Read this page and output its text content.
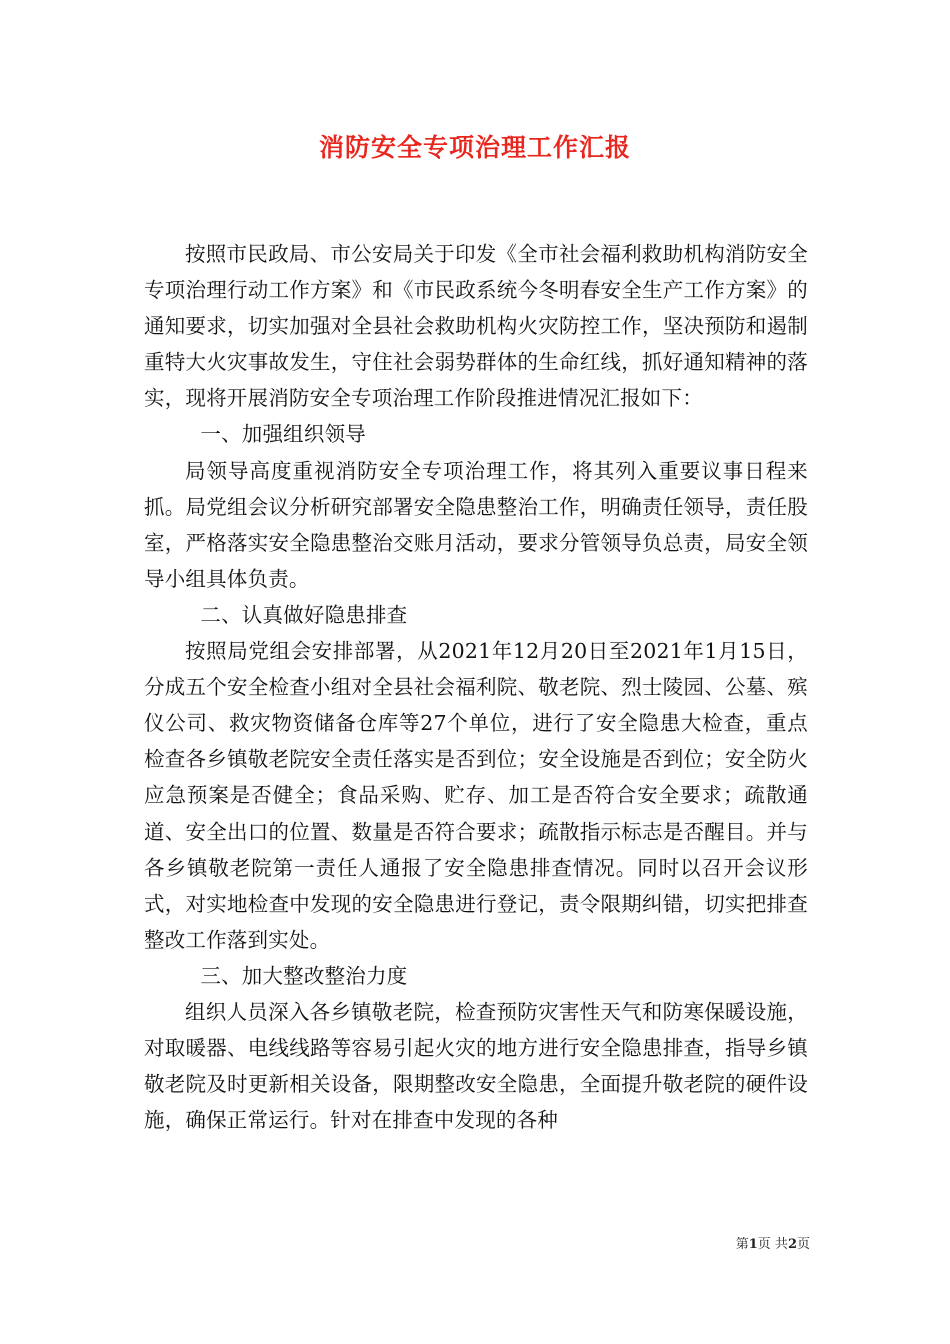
消防安全专项治理工作汇报

按照市民政局、市公安局关于印发《全市社会福利救助机构消防安全专项治理行动工作方案》和《市民政系统今冬明春安全生产工作方案》的通知要求，切实加强对全县社会救助机构火灾防控工作，坚决预防和遏制重特大火灾事故发生，守住社会弱势群体的生命红线，抓好通知精神的落实，现将开展消防安全专项治理工作阶段推进情况汇报如下：

一、加强组织领导

局领导高度重视消防安全专项治理工作，将其列入重要议事日程来抓。局党组会议分析研究部署安全隐患整治工作，明确责任领导，责任股室，严格落实安全隐患整治交账月活动，要求分管领导负总责，局安全领导小组具体负责。

二、认真做好隐患排查

按照局党组会安排部署，从2021年12月20日至2021年1月15日，分成五个安全检查小组对全县社会福利院、敬老院、烈士陵园、公墓、殡仪公司、救灾物资储备仓库等27个单位，进行了安全隐患大检查，重点检查各乡镇敬老院安全责任落实是否到位；安全设施是否到位；安全防火应急预案是否健全；食品采购、贮存、加工是否符合安全要求；疏散通道、安全出口的位置、数量是否符合要求；疏散指示标志是否醒目。并与各乡镇敬老院第一责任人通报了安全隐患排查情况。同时以召开会议形式，对实地检查中发现的安全隐患进行登记，责令限期纠错，切实把排查整改工作落到实处。

三、加大整改整治力度

组织人员深入各乡镇敬老院，检查预防灾害性天气和防寒保暖设施，对取暖器、电线线路等容易引起火灾的地方进行安全隐患排查，指导乡镇敬老院及时更新相关设备，限期整改安全隐患，全面提升敬老院的硬件设施，确保正常运行。针对在排查中发现的各种

第1页 共2页
